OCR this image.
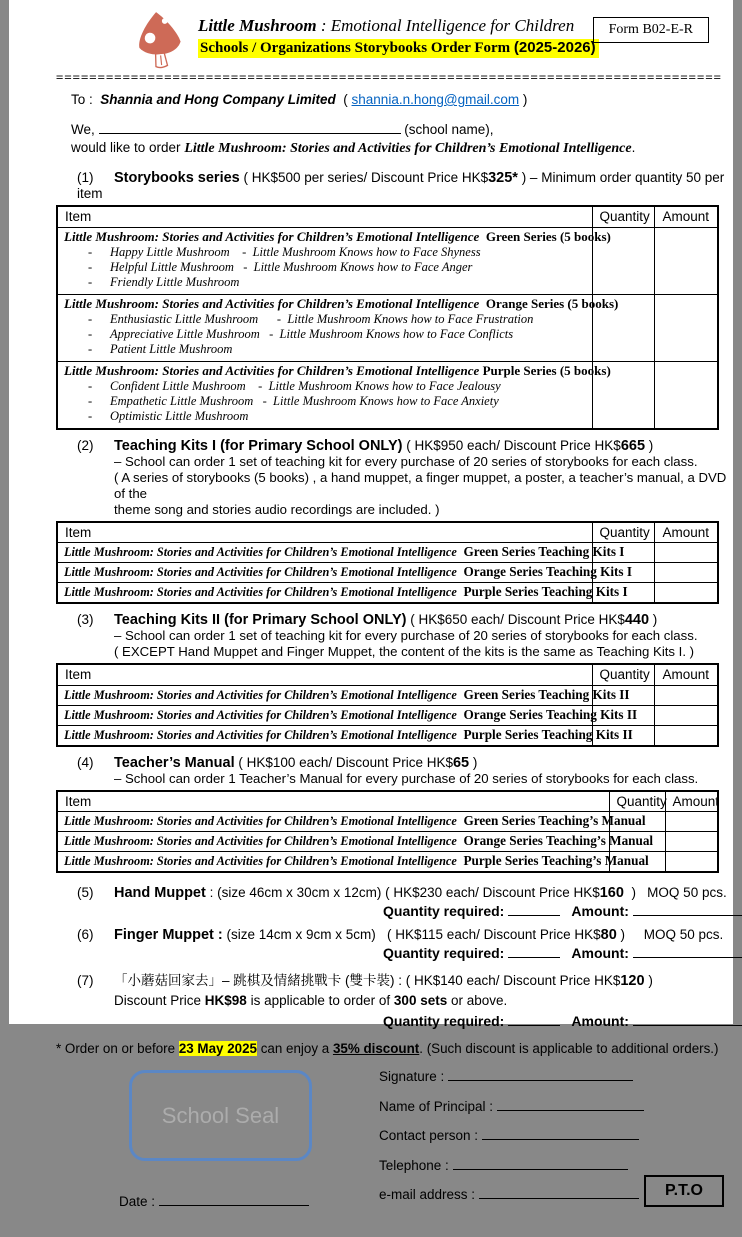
Little Mushroom : Emotional Intelligence for Children
Schools / Organizations Storybooks Order Form (2025-2026)
Form B02-E-R
================================================================================
To :  Shannia and Hong Company Limited  ( shannia.n.hong@gmail.com )
We,	(school name),
would like to order Little Mushroom: Stories and Activities for Children’s Emotional Intelligence.
(1) Storybooks series ( HK$500 per series/ Discount Price HK$325* ) – Minimum order quantity 50 per item
Item	Quantity	Amount

Little Mushroom: Stories and Activities for Children’s Emotional Intelligence  Green Series (5 books)
-	Happy Little Mushroom    -  Little Mushroom Knows how to Face Shyness
-	Helpful Little Mushroom   -  Little Mushroom Knows how to Face Anger
-	Friendly Little Mushroom

Little Mushroom: Stories and Activities for Children’s Emotional Intelligence  Orange Series (5 books)
-	Enthusiastic Little Mushroom      -  Little Mushroom Knows how to Face Frustration
-	Appreciative Little Mushroom   -  Little Mushroom Knows how to Face Conflicts
-	Patient Little Mushroom

Little Mushroom: Stories and Activities for Children’s Emotional Intelligence Purple Series (5 books)
-	Confident Little Mushroom    -  Little Mushroom Knows how to Face Jealousy
-	Empathetic Little Mushroom   -  Little Mushroom Knows how to Face Anxiety
-	Optimistic Little Mushroom

(2) Teaching Kits I (for Primary School ONLY) ( HK$950 each/ Discount Price HK$665 )
– School can order 1 set of teaching kit for every purchase of 20 series of storybooks for each class.
( A series of storybooks (5 books) , a hand muppet, a finger muppet, a poster, a teacher’s manual, a DVD of the
theme song and stories audio recordings are included. )
Item	Quantity	Amount

Little Mushroom: Stories and Activities for Children’s Emotional Intelligence  Green Series Teaching Kits I		

Little Mushroom: Stories and Activities for Children’s Emotional Intelligence  Orange Series Teaching Kits I		

Little Mushroom: Stories and Activities for Children’s Emotional Intelligence  Purple Series Teaching Kits I		

(3) Teaching Kits II (for Primary School ONLY) ( HK$650 each/ Discount Price HK$440 )
– School can order 1 set of teaching kit for every purchase of 20 series of storybooks for each class.
( EXCEPT Hand Muppet and Finger Muppet, the content of the kits is the same as Teaching Kits I. )
Item	Quantity	Amount

Little Mushroom: Stories and Activities for Children’s Emotional Intelligence  Green Series Teaching Kits II		

Little Mushroom: Stories and Activities for Children’s Emotional Intelligence  Orange Series Teaching Kits II		

Little Mushroom: Stories and Activities for Children’s Emotional Intelligence  Purple Series Teaching Kits II		

(4) Teacher’s Manual ( HK$100 each/ Discount Price HK$65 )
– School can order 1 Teacher’s Manual for every purchase of 20 series of storybooks for each class.
Item	Quantity	Amount

Little Mushroom: Stories and Activities for Children’s Emotional Intelligence  Green Series Teaching’s Manual		

Little Mushroom: Stories and Activities for Children’s Emotional Intelligence  Orange Series Teaching’s Manual		

Little Mushroom: Stories and Activities for Children’s Emotional Intelligence  Purple Series Teaching’s Manual		

(5) Hand Muppet : (size 46cm x 30cm x 12cm) ( HK$230 each/ Discount Price HK$160  )   MOQ 50 pcs.
Quantity required:	Amount:
(6) Finger Muppet : (size 14cm x 9cm x 5cm)   ( HK$115 each/ Discount Price HK$80 )     MOQ 50 pcs.
Quantity required:	Amount:
(7) 「小蘑菇回家去」– 跳棋及情緒挑戰卡 (雙卡裝) : ( HK$140 each/ Discount Price HK$120 )
Discount Price HK$98 is applicable to order of 300 sets or above.
Quantity required:	Amount:
* Order on or before 23 May 2025 can enjoy a 35% discount. (Such discount is applicable to additional orders.)
School Seal
Date :
Signature :
Name of Principal :
Contact person :
Telephone :
e-mail address :	P.T.O
